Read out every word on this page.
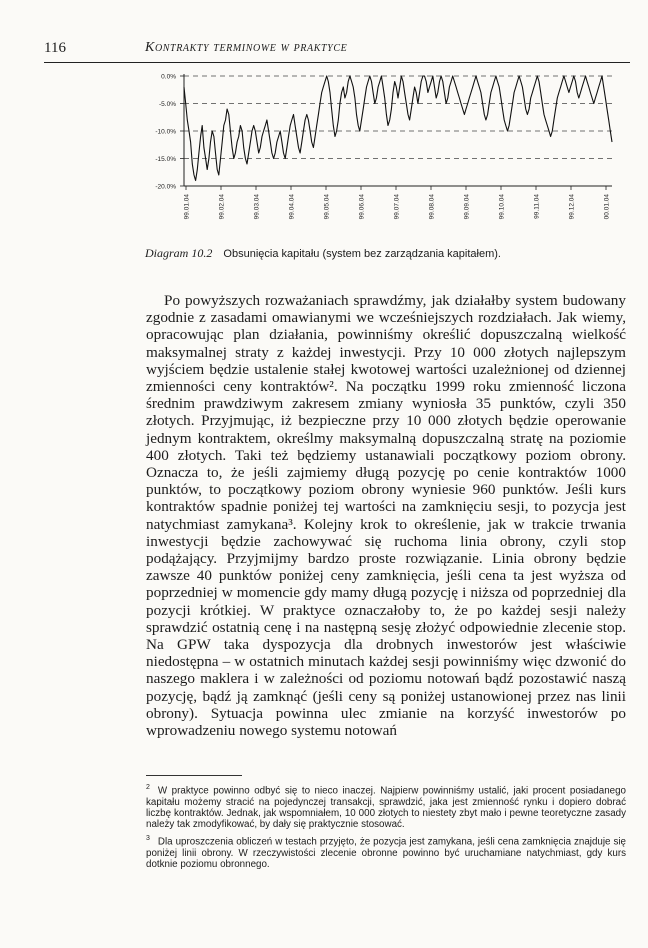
116	Kontrakty terminowe w praktyce
0.0%
-5.0%
-10.0%
-15.0%
-20.0%
99.01.04	99.02.04	99.03.04	99.04.04	99.05.04	99.06.04	99.07.04	99.08.04	99.09.04	99.10.04	99.11.04	99.12.04	00.01.04
Diagram 10.2 Obsunięcia kapitału (system bez zarządzania kapitałem).

Po powyższych rozważaniach sprawdźmy, jak działałby system budowany zgodnie z zasadami omawianymi we wcześniejszych rozdziałach. Jak wiemy, opracowując plan działania, powinniśmy określić dopuszczalną wielkość maksymalnej straty z każdej inwestycji. Przy 10 000 złotych najlepszym wyjściem będzie ustalenie stałej kwotowej wartości uzależnionej od dziennej zmienności ceny kontraktów². Na początku 1999 roku zmienność liczona średnim prawdziwym zakresem zmiany wyniosła 35 punktów, czyli 350 złotych. Przyjmując, iż bezpieczne przy 10 000 złotych będzie operowanie jednym kontraktem, określmy maksymalną dopuszczalną stratę na poziomie 400 złotych. Taki też będziemy ustanawiali początkowy poziom obrony. Oznacza to, że jeśli zajmiemy długą pozycję po cenie kontraktów 1000 punktów, to początkowy poziom obrony wyniesie 960 punktów. Jeśli kurs kontraktów spadnie poniżej tej wartości na zamknięciu sesji, to pozycja jest natychmiast zamykana³. Kolejny krok to określenie, jak w trakcie trwania inwestycji będzie zachowywać się ruchoma linia obrony, czyli stop podążający. Przyjmijmy bardzo proste rozwiązanie. Linia obrony będzie zawsze 40 punktów poniżej ceny zamknięcia, jeśli cena ta jest wyższa od poprzedniej w momencie gdy mamy długą pozycję i niższa od poprzedniej dla pozycji krótkiej. W praktyce oznaczałoby to, że po każdej sesji należy sprawdzić ostatnią cenę i na następną sesję złożyć odpowiednie zlecenie stop. Na GPW taka dyspozycja dla drobnych inwestorów jest właściwie niedostępna – w ostatnich minutach każdej sesji powinniśmy więc dzwonić do naszego maklera i w zależności od poziomu notowań bądź pozostawić naszą pozycję, bądź ją zamknąć (jeśli ceny są poniżej ustanowionej przez nas linii obrony). Sytuacja powinna ulec zmianie na korzyść inwestorów po wprowadzeniu nowego systemu notowań

$^2$ W praktyce powinno odbyć się to nieco inaczej. Najpierw powinniśmy ustalić, jaki procent posiadanego kapitału możemy stracić na pojedynczej transakcji, sprawdzić, jaka jest zmienność rynku i dopiero dobrać liczbę kontraktów. Jednak, jak wspomniałem, 10 000 złotych to niestety zbyt mało i pewne teoretyczne zasady należy tak zmodyfikować, by dały się praktycznie stosować.

$^3$ Dla uproszczenia obliczeń w testach przyjęto, że pozycja jest zamykana, jeśli cena zamknięcia znajduje się poniżej linii obrony. W rzeczywistości zlecenie obronne powinno być uruchamiane natychmiast, gdy kurs dotknie poziomu obronnego.
